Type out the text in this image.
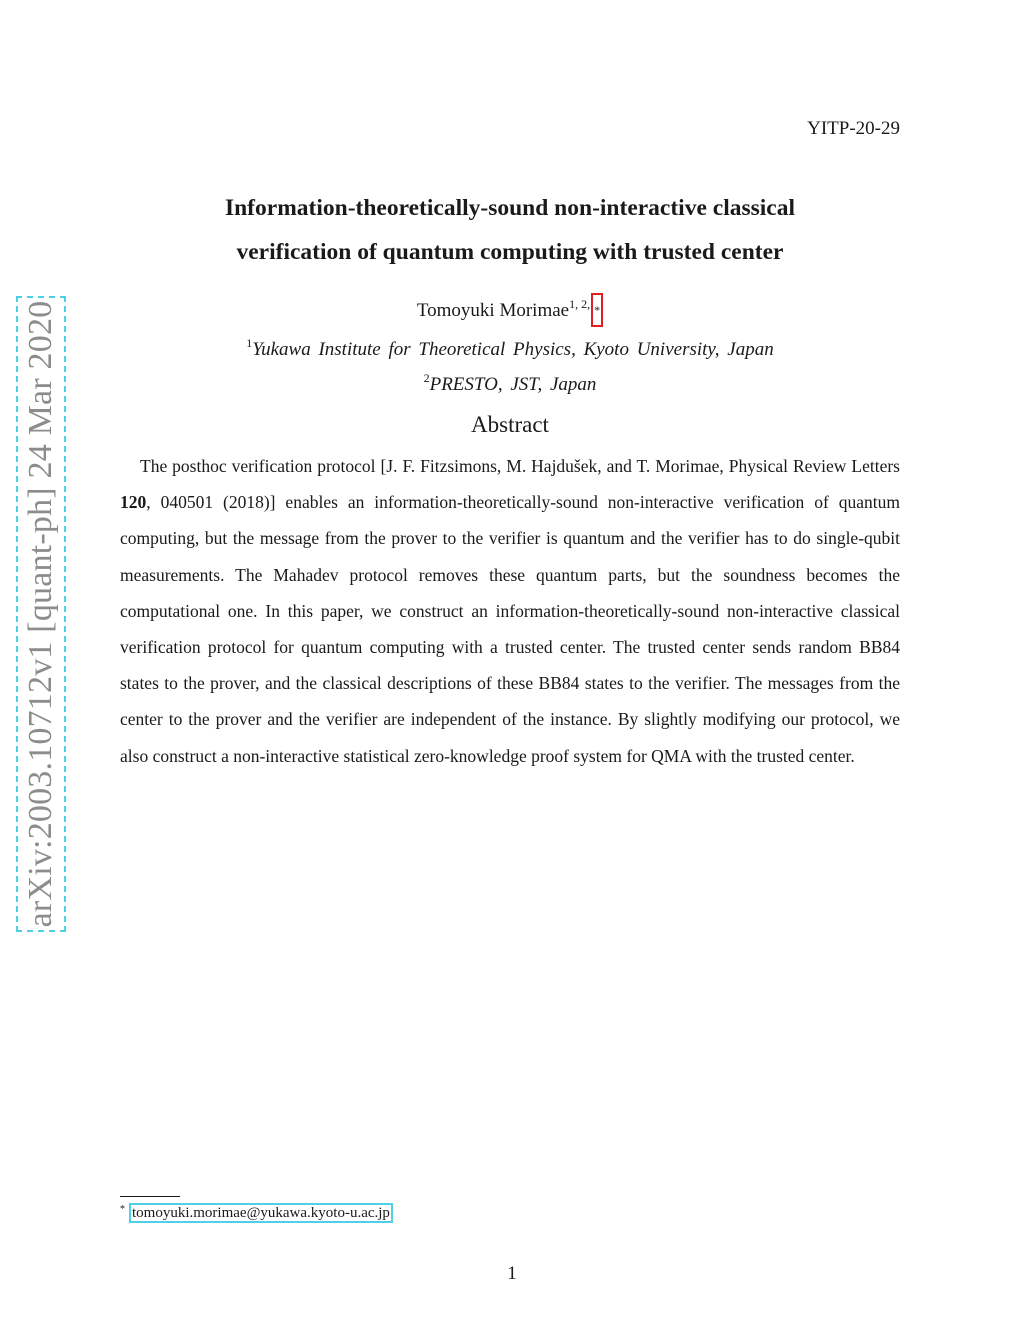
YITP-20-29
arXiv:2003.10712v1 [quant-ph] 24 Mar 2020
Information-theoretically-sound non-interactive classical
verification of quantum computing with trusted center
Tomoyuki Morimae$^{1, 2,}$ *
$^1$Yukawa Institute for Theoretical Physics, Kyoto University, Japan
$^2$PRESTO, JST, Japan
Abstract
The posthoc verification protocol [J. F. Fitzsimons, M. Hajdušek, and T. Morimae, Physical Review Letters 120, 040501 (2018)] enables an information-theoretically-sound non-interactive verification of quantum computing, but the message from the prover to the verifier is quantum and the verifier has to do single-qubit measurements. The Mahadev protocol removes these quantum parts, but the soundness becomes the computational one. In this paper, we construct an information-theoretically-sound non-interactive classical verification protocol for quantum computing with a trusted center. The trusted center sends random BB84 states to the prover, and the classical descriptions of these BB84 states to the verifier. The messages from the center to the prover and the verifier are independent of the instance. By slightly modifying our protocol, we also construct a non-interactive statistical zero-knowledge proof system for QMA with the trusted center.
* tomoyuki.morimae@yukawa.kyoto-u.ac.jp
1
